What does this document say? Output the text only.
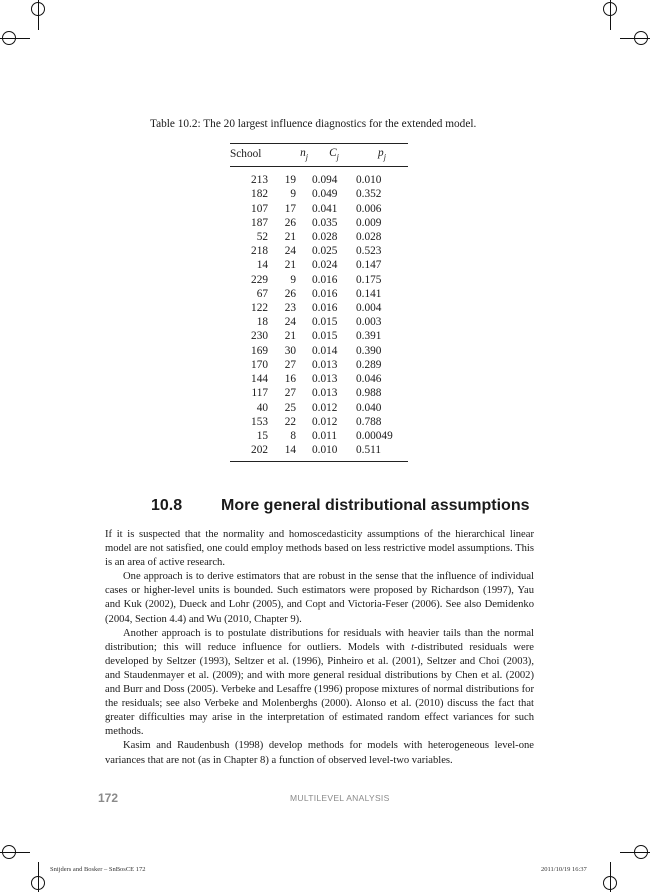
Table 10.2: The 20 largest influence diagnostics for the extended model.
School	$n_j$	$C_j$	$p_j$
213	19	0.094	0.010
182	9	0.049	0.352
107	17	0.041	0.006
187	26	0.035	0.009
52	21	0.028	0.028
218	24	0.025	0.523
14	21	0.024	0.147
229	9	0.016	0.175
67	26	0.016	0.141
122	23	0.016	0.004
18	24	0.015	0.003
230	21	0.015	0.391
169	30	0.014	0.390
170	27	0.013	0.289
144	16	0.013	0.046
117	27	0.013	0.988
40	25	0.012	0.040
153	22	0.012	0.788
15	8	0.011	0.00049
202	14	0.010	0.511
10.8 More general distributional assumptions

If it is suspected that the normality and homoscedasticity assumptions of the hierarchical linear model are not satisfied, one could employ methods based on less restrictive model assumptions. This is an area of active research.

One approach is to derive estimators that are robust in the sense that the influence of individual cases or higher-level units is bounded. Such estimators were proposed by Richardson (1997), Yau and Kuk (2002), Dueck and Lohr (2005), and Copt and Victoria-Feser (2006). See also Demidenko (2004, Section 4.4) and Wu (2010, Chapter 9).

Another approach is to postulate distributions for residuals with heavier tails than the normal distribution; this will reduce influence for outliers. Models with t-distributed residuals were developed by Seltzer (1993), Seltzer et al. (1996), Pinheiro et al. (2001), Seltzer and Choi (2003), and Staudenmayer et al. (2009); and with more general residual distributions by Chen et al. (2002) and Burr and Doss (2005). Verbeke and Lesaffre (1996) propose mixtures of normal distributions for the residuals; see also Verbeke and Molenberghs (2000). Alonso et al. (2010) discuss the fact that greater difficulties may arise in the interpretation of estimated random effect variances for such methods.

Kasim and Raudenbush (1998) develop methods for models with heterogeneous level-one variances that are not (as in Chapter 8) a function of observed level-two variables.

172	MULTILEVEL ANALYSIS
Snijders and Bosker – SnBosCE 172	2011/10/19 16:37
